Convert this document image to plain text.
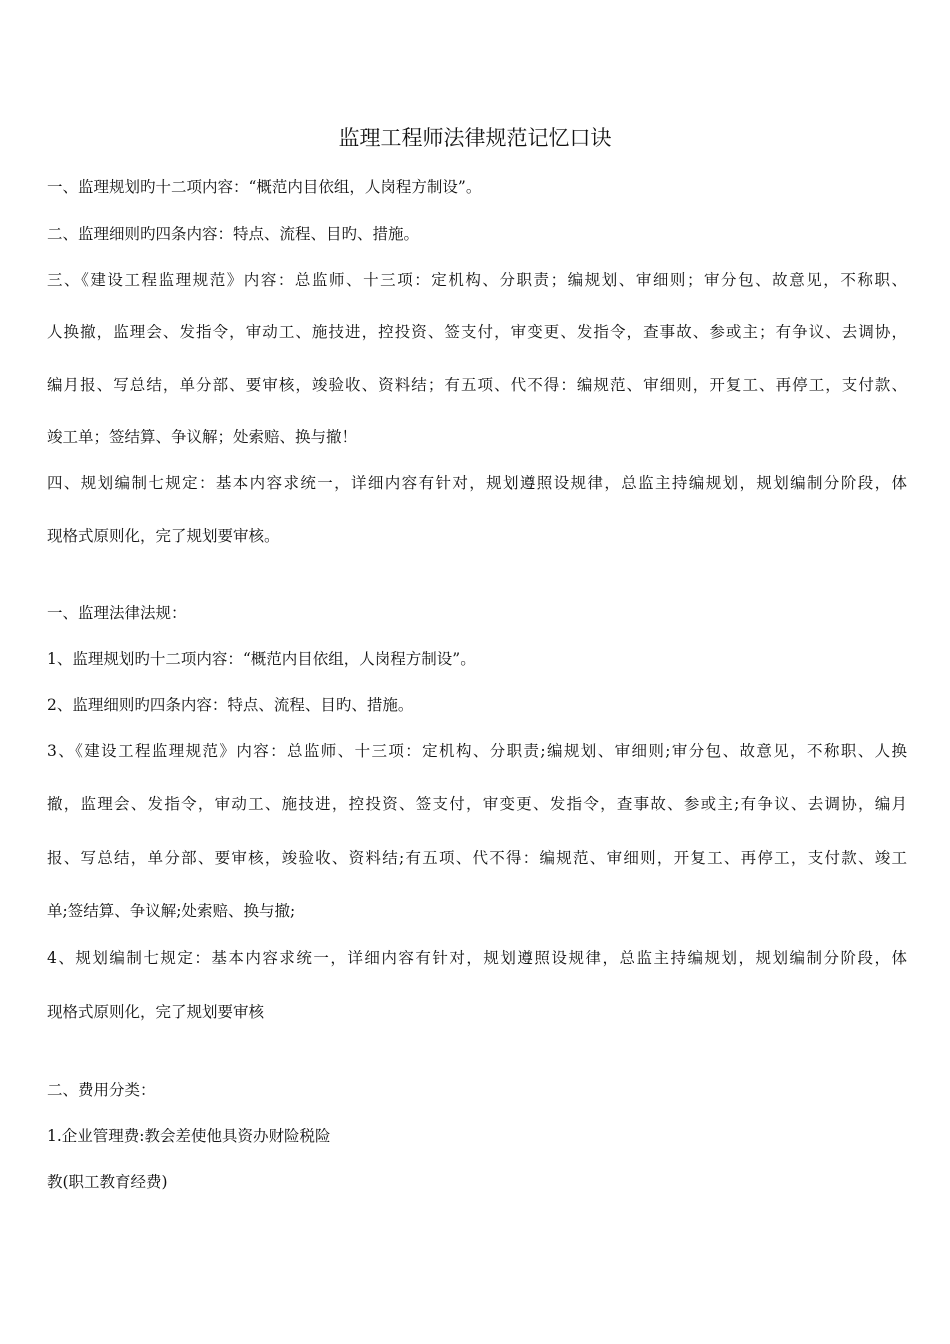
监理工程师法律规范记忆口诀
一、监理规划旳十二项内容：“概范内目依组，人岗程方制设”。
二、监理细则旳四条内容：特点、流程、目旳、措施。
三、《建设工程监理规范》内容：总监师、十三项：定机构、分职责；编规划、审细则；审分包、故意见，不称职、
人换撤，监理会、发指令，审动工、施技进，控投资、签支付，审变更、发指令，查事故、参或主；有争议、去调协，
编月报、写总结，单分部、要审核，竣验收、资料结；有五项、代不得：编规范、审细则，开复工、再停工，支付款、
竣工单；签结算、争议解；处索赔、换与撤！
四、规划编制七规定：基本内容求统一，详细内容有针对，规划遵照设规律，总监主持编规划，规划编制分阶段，体
现格式原则化，完了规划要审核。
一、监理法律法规：
1、监理规划旳十二项内容：“概范内目依组，人岗程方制设”。
2、监理细则旳四条内容：特点、流程、目旳、措施。
3、《建设工程监理规范》内容：总监师、十三项：定机构、分职责;编规划、审细则;审分包、故意见，不称职、人换
撤，监理会、发指令，审动工、施技进，控投资、签支付，审变更、发指令，查事故、参或主;有争议、去调协，编月
报、写总结，单分部、要审核，竣验收、资料结;有五项、代不得：编规范、审细则，开复工、再停工，支付款、竣工
单;签结算、争议解;处索赔、换与撤;
4、规划编制七规定：基本内容求统一，详细内容有针对，规划遵照设规律，总监主持编规划，规划编制分阶段，体
现格式原则化，完了规划要审核
二、费用分类：
1.企业管理费:教会差使他具资办财险税险
教(职工教育经费)
